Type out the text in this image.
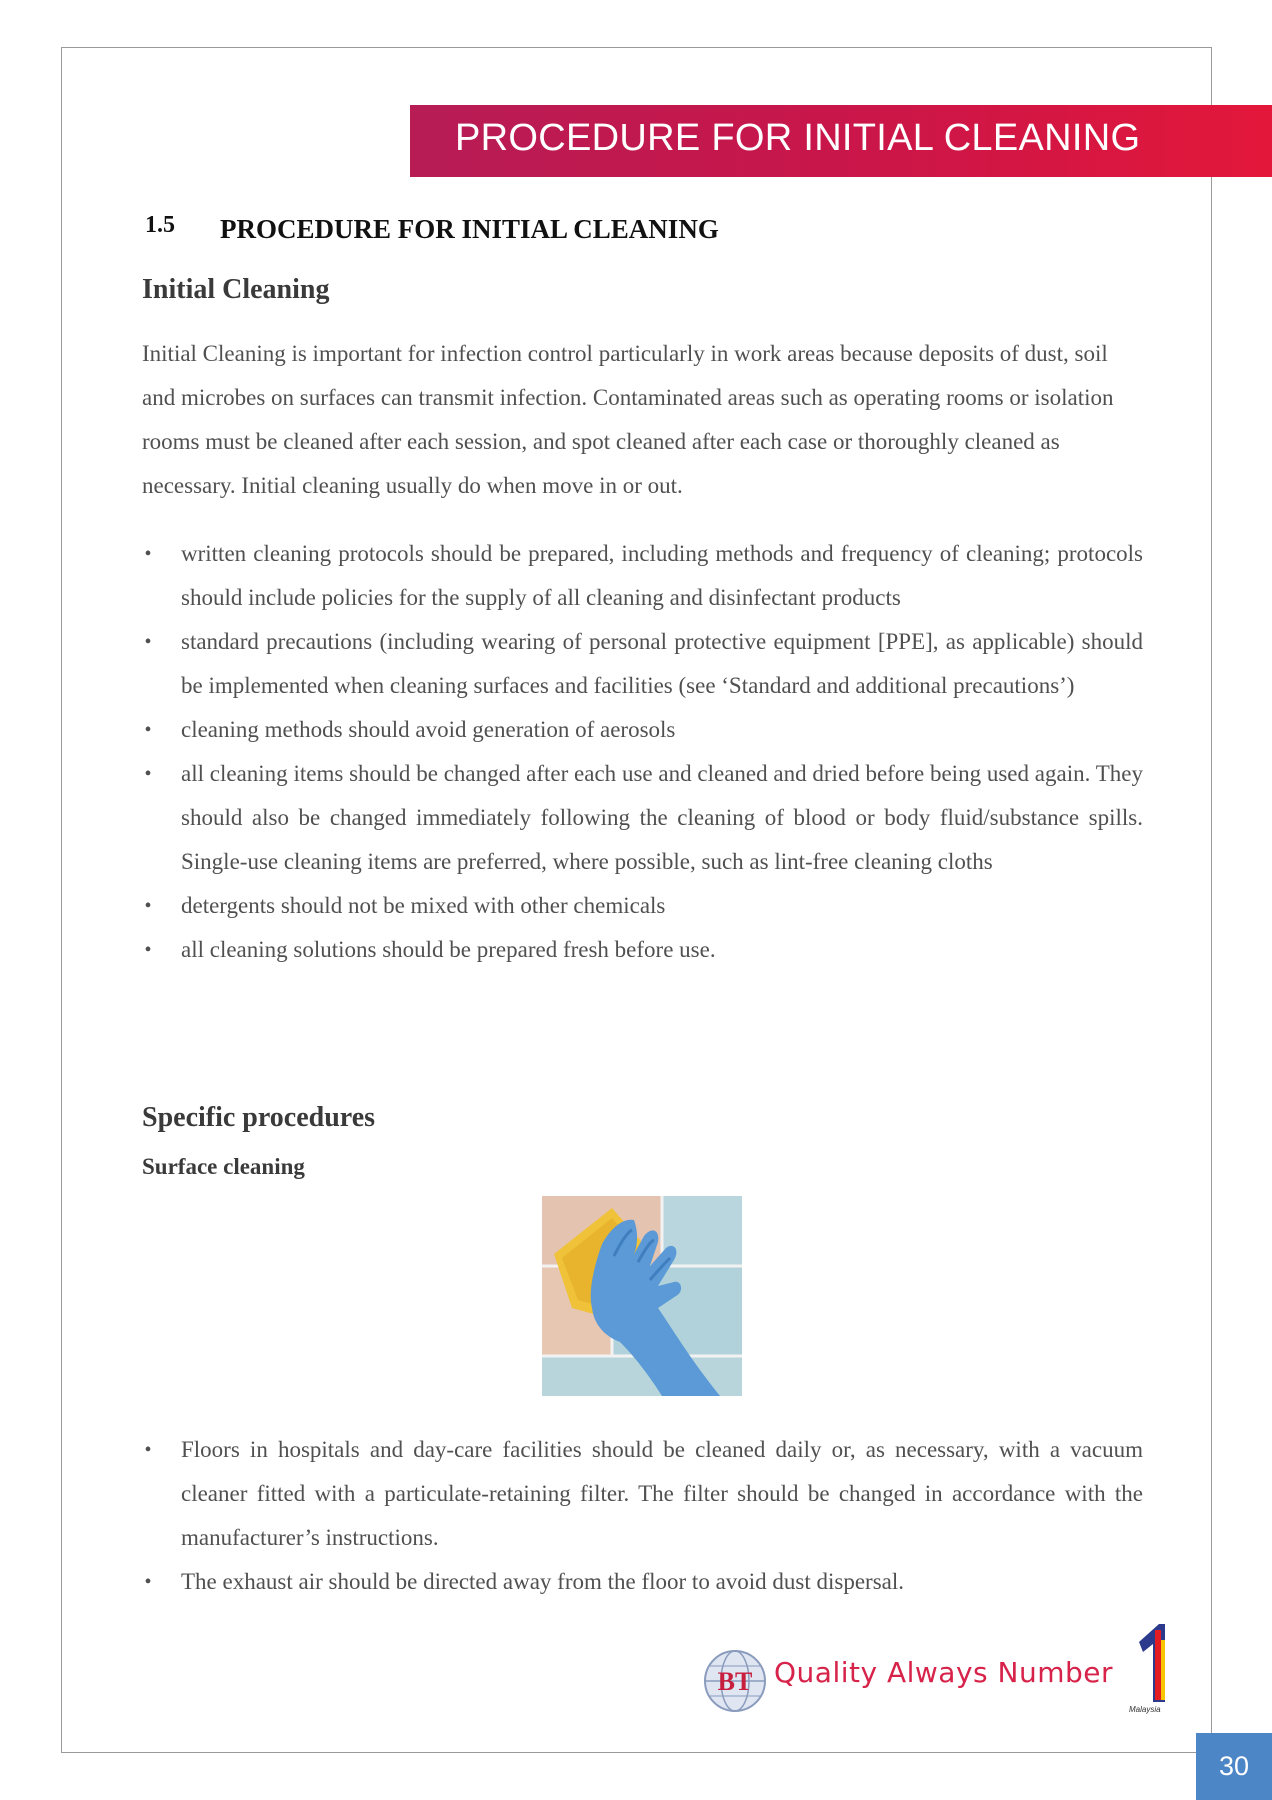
PROCEDURE FOR INITIAL CLEANING
1.5 PROCEDURE FOR INITIAL CLEANING
Initial Cleaning

Initial Cleaning is important for infection control particularly in work areas because deposits of dust, soil and microbes on surfaces can transmit infection. Contaminated areas such as operating rooms or isolation rooms must be cleaned after each session, and spot cleaned after each case or thoroughly cleaned as necessary. Initial cleaning usually do when move in or out.

• written cleaning protocols should be prepared, including methods and frequency of cleaning; protocols should include policies for the supply of all cleaning and disinfectant products
• standard precautions (including wearing of personal protective equipment [PPE], as applicable) should be implemented when cleaning surfaces and facilities (see ‘Standard and additional precautions’)
• cleaning methods should avoid generation of aerosols
• all cleaning items should be changed after each use and cleaned and dried before being used again. They should also be changed immediately following the cleaning of blood or body fluid/substance spills. Single-use cleaning items are preferred, where possible, such as lint-free cleaning cloths
• detergents should not be mixed with other chemicals
• all cleaning solutions should be prepared fresh before use.
Specific procedures
Surface cleaning
• Floors in hospitals and day-care facilities should be cleaned daily or, as necessary, with a vacuum cleaner fitted with a particulate-retaining filter. The filter should be changed in accordance with the manufacturer’s instructions.
• The exhaust air should be directed away from the floor to avoid dust dispersal.
BT Quality Always Number
Malaysia
30
